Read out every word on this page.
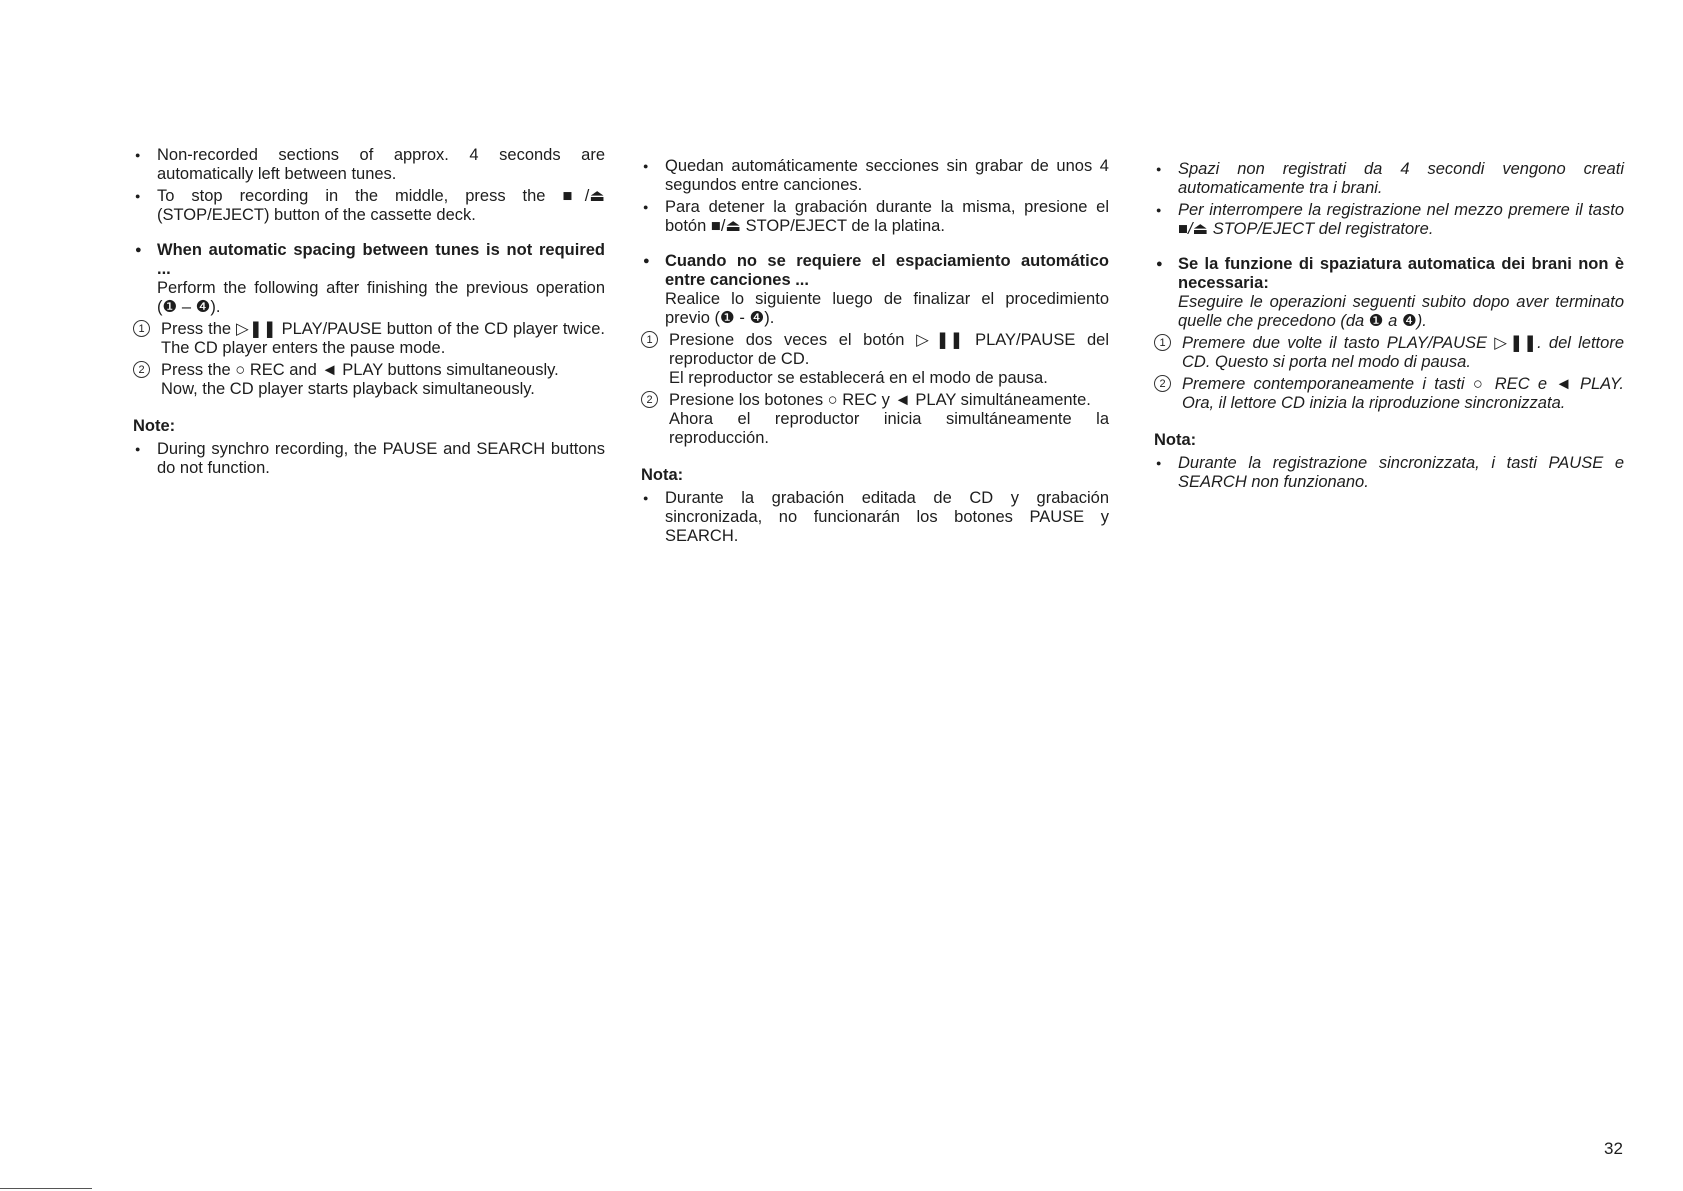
● Non-recorded sections of approx. 4 seconds are automatically left between tunes.
● To stop recording in the middle, press the ■/⏏ (STOP/EJECT) button of the cassette deck.
● When automatic spacing between tunes is not required ...
Perform the following after finishing the previous operation (❶ – ❹).
1 Press the ▷❚❚ PLAY/PAUSE button of the CD player twice. The CD player enters the pause mode.
2 Press the ○ REC and ◄ PLAY buttons simultaneously.
Now, the CD player starts playback simultaneously.
Note:
● During synchro recording, the PAUSE and SEARCH buttons do not function.
● Quedan automáticamente secciones sin grabar de unos 4 segundos entre canciones.
● Para detener la grabación durante la misma, presione el botón ■/⏏ STOP/EJECT de la platina.
● Cuando no se requiere el espaciamiento automático entre canciones ...
Realice lo siguiente luego de finalizar el procedimiento previo (❶ - ❹).
1 Presione dos veces el botón ▷❚❚ PLAY/PAUSE del reproductor de CD.
El reproductor se establecerá en el modo de pausa.
2 Presione los botones ○ REC y ◄ PLAY simultáneamente.
Ahora el reproductor inicia simultáneamente la reproducción.
Nota:
● Durante la grabación editada de CD y grabación sincronizada, no funcionarán los botones PAUSE y SEARCH.
● Spazi non registrati da 4 secondi vengono creati automaticamente tra i brani.
● Per interrompere la registrazione nel mezzo premere il tasto ■/⏏ STOP/EJECT del registratore.
● Se la funzione di spaziatura automatica dei brani non è necessaria:
Eseguire le operazioni seguenti subito dopo aver terminato quelle che precedono (da ❶ a ❹).
1 Premere due volte il tasto PLAY/PAUSE ▷❚❚. del lettore CD. Questo si porta nel modo di pausa.
2 Premere contemporaneamente i tasti ○ REC e ◄ PLAY. Ora, il lettore CD inizia la riproduzione sincronizzata.
Nota:
● Durante la registrazione sincronizzata, i tasti PAUSE e SEARCH non funzionano.
32
